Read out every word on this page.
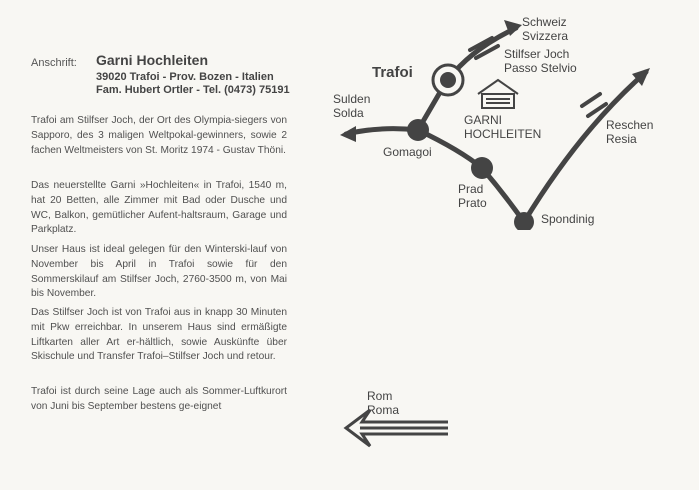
Anschrift: Garni Hochleiten
39020 Trafoi - Prov. Bozen - Italien
Fam. Hubert Ortler - Tel. (0473) 75191

Trafoi am Stilfser Joch, der Ort des Olympia-siegers von Sapporo, des 3 maligen Weltpokal-gewinners, sowie 2 fachen Weltmeisters von St. Moritz 1974 - Gustav Thöni.

Das neuerstellte Garni »Hochleiten« in Trafoi, 1540 m, hat 20 Betten, alle Zimmer mit Bad oder Dusche und WC, Balkon, gemütlicher Aufent-haltsraum, Garage und Parkplatz.

Unser Haus ist ideal gelegen für den Winterski-lauf von November bis April in Trafoi sowie für den Sommerskilauf am Stilfser Joch, 2760-3500 m, von Mai bis November.

Das Stilfser Joch ist von Trafoi aus in knapp 30 Minuten mit Pkw erreichbar. In unserem Haus sind ermäßigte Liftkarten aller Art er-hältlich, sowie Auskünfte über Skischule und Transfer Trafoi–Stilfser Joch und retour.

Trafoi ist durch seine Lage auch als Sommer-Luftkurort von Juni bis September bestens ge-eignet

Trafoi
Schweiz
Svizzera
Stilfser Joch
Passo Stelvio
Sulden
Solda	GARNI
HOCHLEITEN
Gomagoi
Prad
Prato
Reschen
Resia
Spondinig
Rom
Roma
